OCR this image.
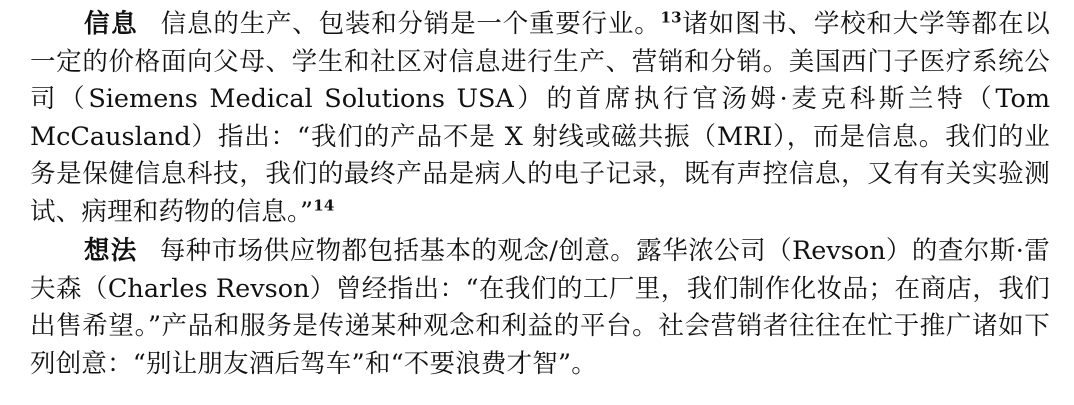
信息 信息的生产、包装和分销是一个重要行业。$^{13}$诸如图书、学校和大学等都在以一定的价格面向父母、学生和社区对信息进行生产、营销和分销。美国西门子医疗系统公司（Siemens Medical Solutions USA）的首席执行官汤姆·麦克科斯兰特（Tom McCausland）指出：“我们的产品不是 X 射线或磁共振（MRI），而是信息。我们的业务是保健信息科技，我们的最终产品是病人的电子记录，既有声控信息，又有有关实验测试、病理和药物的信息。”$^{14}$

想法 每种市场供应物都包括基本的观念/创意。露华浓公司（Revson）的查尔斯·雷夫森（Charles Revson）曾经指出：“在我们的工厂里，我们制作化妆品；在商店，我们出售希望。”产品和服务是传递某种观念和利益的平台。社会营销者往往在忙于推广诸如下列创意：“别让朋友酒后驾车”和“不要浪费才智”。
